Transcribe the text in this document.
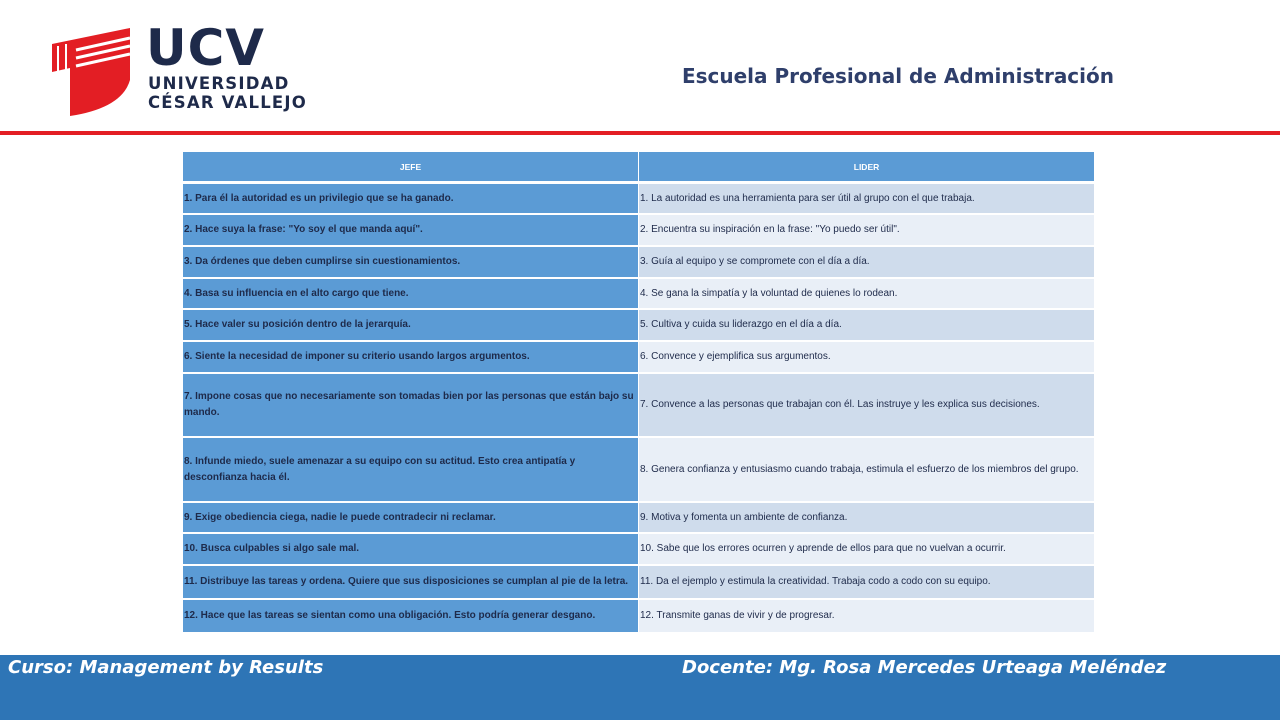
UCV
UNIVERSIDAD
CÉSAR VALLEJO
Escuela Profesional de Administración
JEFE	LIDER
1. Para él la autoridad es un privilegio que se ha ganado.	1. La autoridad es una herramienta para ser útil al grupo con el que trabaja.
2. Hace suya la frase: "Yo soy el que manda aquí".	2. Encuentra su inspiración en la frase: "Yo puedo ser útil".
3. Da órdenes que deben cumplirse sin cuestionamientos.	3. Guía al equipo y se compromete con el día a día.
4. Basa su influencia en el alto cargo que tiene.	4. Se gana la simpatía y la voluntad de quienes lo rodean.
5. Hace valer su posición dentro de la jerarquía.	5. Cultiva y cuida su liderazgo en el día a día.
6. Siente la necesidad de imponer su criterio usando largos argumentos.	6. Convence y ejemplifica sus argumentos.
7. Impone cosas que no necesariamente son tomadas bien por las personas que están bajo su mando.	7. Convence a las personas que trabajan con él. Las instruye y les explica sus decisiones.
8. Infunde miedo, suele amenazar a su equipo con su actitud. Esto crea antipatía y desconfianza hacia él.	8. Genera confianza y entusiasmo cuando trabaja, estimula el esfuerzo de los miembros del grupo.
9. Exige obediencia ciega, nadie le puede contradecir ni reclamar.	9. Motiva y fomenta un ambiente de confianza.
10. Busca culpables si algo sale mal.	10. Sabe que los errores ocurren y aprende de ellos para que no vuelvan a ocurrir.
11. Distribuye las tareas y ordena. Quiere que sus disposiciones se cumplan al pie de la letra.	11. Da el ejemplo y estimula la creatividad. Trabaja codo a codo con su equipo.
12. Hace que las tareas se sientan como una obligación. Esto podría generar desgano.	12. Transmite ganas de vivir y de progresar.
Curso: Management by Results	Docente: Mg. Rosa Mercedes Urteaga Meléndez
